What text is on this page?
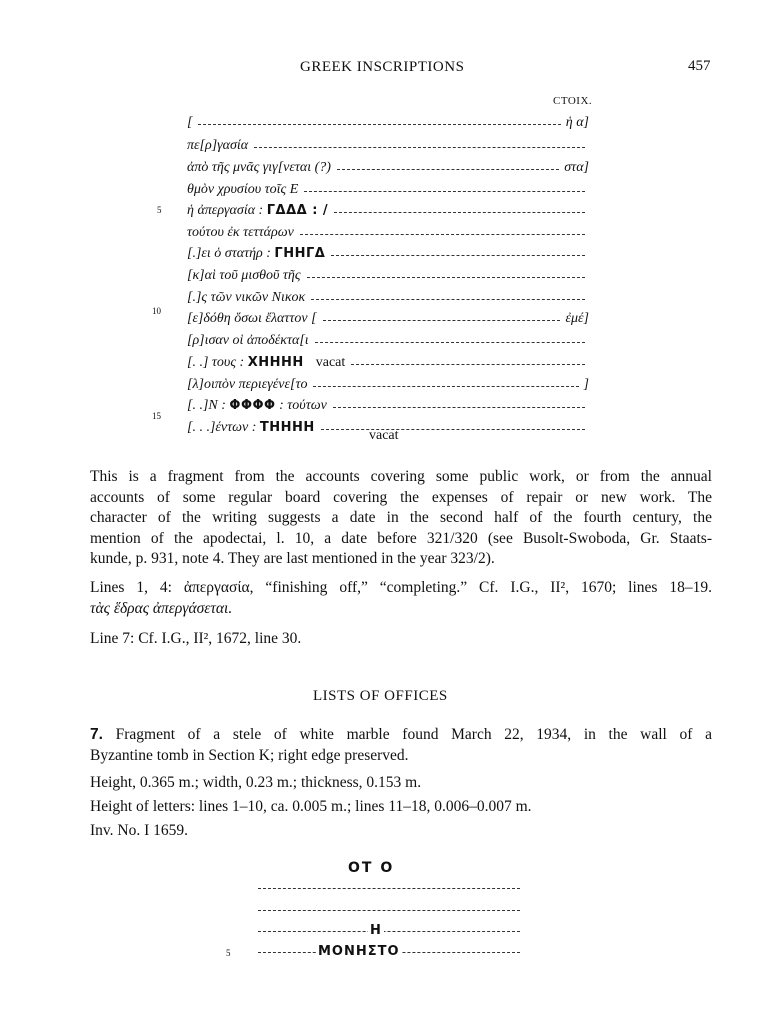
GREEK INSCRIPTIONS	457
CTOIX.
[	ἡ α]
πε[ρ]γασία
ἀπὸ τῆς μνᾶς γιγ[νεται (?)	στα]
θμὸν χρυσίου τοῖς Ε
ἡ ἀπεργασία : ΓΔΔΔ : /
τούτου ἐκ τεττάρων
[.]ει ὁ στατήρ : ΓΗΗΓΔ
[κ]αὶ τοῦ μισθοῦ τῆς
[.]ς τῶν νικῶν Νικοκ
[ε]δόθη ὅσωι ἔλαττον [	ἐμέ]
[ρ]ισαν οἱ ἀποδέκτα[ι
[. .] τους : ΧΗΗΗΗ vacat
[λ]οιπὸν περιεγένε[το	]
[. .]Ν : ΦΦΦΦ : τούτων
[. . .]έντων : ΤΗΗΗΗ
5
10
15
vacat
This is a fragment from the accounts covering some public work, or from the annual
accounts of some regular board covering the expenses of repair or new work. The
character of the writing suggests a date in the second half of the fourth century, the
mention of the apodectai, l. 10, a date before 321/320 (see Busolt-Swoboda, Gr. Staats-
kunde, p. 931, note 4. They are last mentioned in the year 323/2).
Lines 1, 4: ἀπεργασία, “finishing off,” “completing.” Cf. I.G., II², 1670; lines 18–19.
τὰς ἕδρας ἀπεργάσεται.
Line 7: Cf. I.G., II², 1672, line 30.
LISTS OF OFFICES
7. Fragment of a stele of white marble found March 22, 1934, in the wall of a
Byzantine tomb in Section K; right edge preserved.
Height, 0.365 m.; width, 0.23 m.; thickness, 0.153 m.
Height of letters: lines 1–10, ca. 0.005 m.; lines 11–18, 0.006–0.007 m.
Inv. No. I 1659.
ΟΤ Ο
Η
ΜΟΝΗΣΤΟ
5
